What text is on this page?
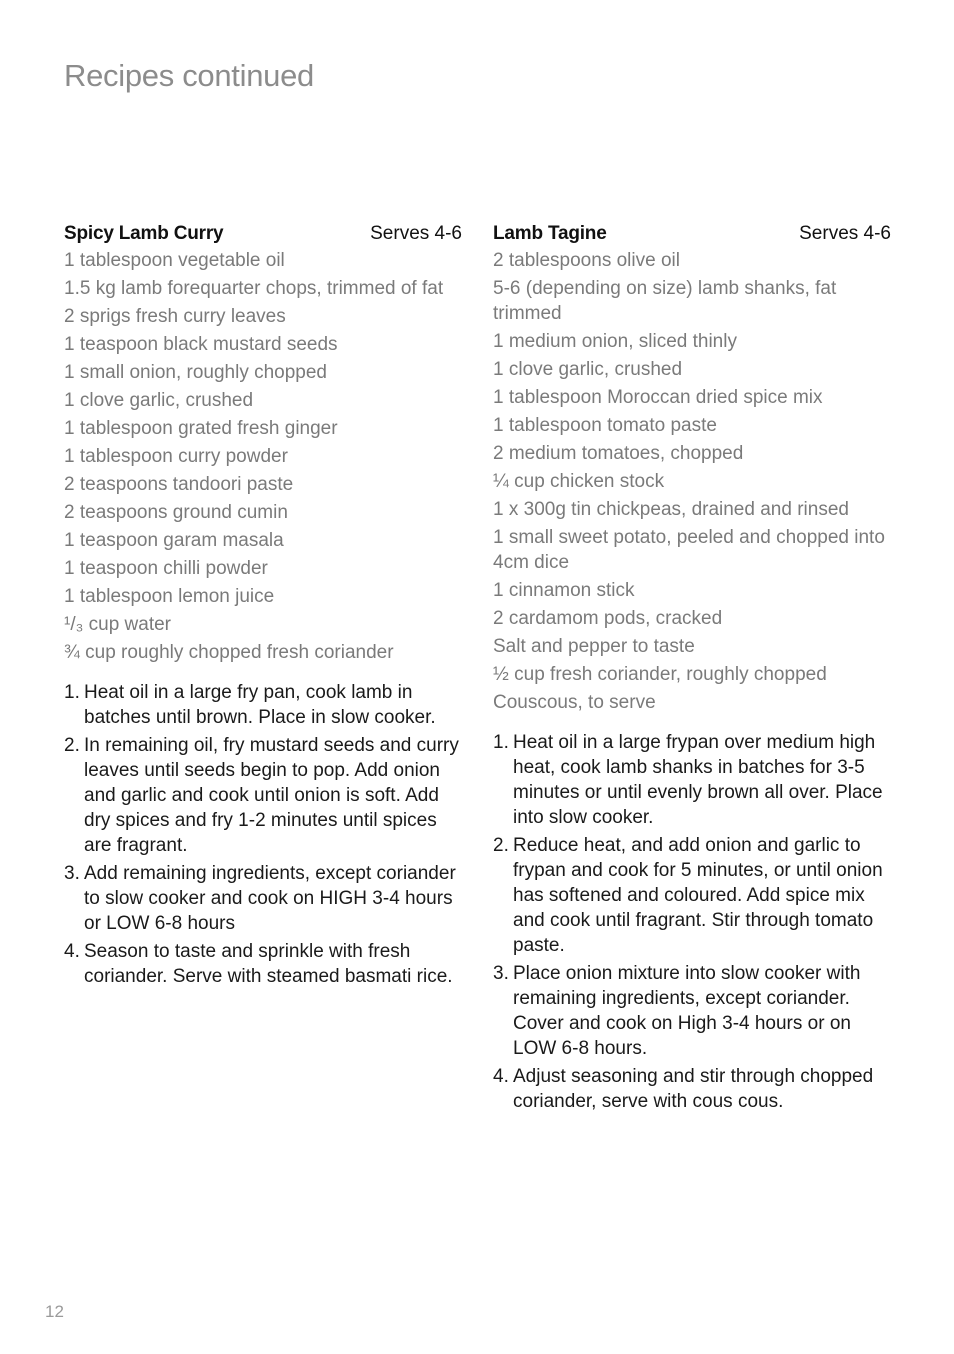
Recipes continued
Spicy Lamb Curry	Serves 4-6
1 tablespoon vegetable oil
1.5 kg lamb forequarter chops, trimmed of fat
2 sprigs fresh curry leaves
1 teaspoon black mustard seeds
1 small onion, roughly chopped
1 clove garlic, crushed
1 tablespoon grated fresh ginger
1 tablespoon curry powder
2 teaspoons tandoori paste
2 teaspoons ground cumin
1 teaspoon garam masala
1 teaspoon chilli powder
1 tablespoon lemon juice
¹/₃ cup water
¾ cup roughly chopped fresh coriander
1. Heat oil in a large fry pan, cook lamb in batches until brown. Place in slow cooker.
2. In remaining oil, fry mustard seeds and curry leaves until seeds begin to pop. Add onion and garlic and cook until onion is soft. Add dry spices and fry 1-2 minutes until spices are fragrant.
3. Add remaining ingredients, except coriander to slow cooker and cook on HIGH 3-4 hours or LOW 6-8 hours
4. Season to taste and sprinkle with fresh coriander. Serve with steamed basmati rice.
Lamb Tagine	Serves 4-6
2 tablespoons olive oil
5-6 (depending on size) lamb shanks, fat trimmed
1 medium onion, sliced thinly
1 clove garlic, crushed
1 tablespoon Moroccan dried spice mix
1 tablespoon tomato paste
2 medium tomatoes, chopped
¼ cup chicken stock
1 x 300g tin chickpeas, drained and rinsed
1 small sweet potato, peeled and chopped into 4cm dice
1 cinnamon stick
2 cardamom pods, cracked
Salt and pepper to taste
½ cup fresh coriander, roughly chopped
Couscous, to serve
1. Heat oil in a large frypan over medium high heat, cook lamb shanks in batches for 3-5 minutes or until evenly brown all over. Place into slow cooker.
2. Reduce heat, and add onion and garlic to frypan and cook for 5 minutes, or until onion has softened and coloured. Add spice mix and cook until fragrant. Stir through tomato paste.
3. Place onion mixture into slow cooker with remaining ingredients, except coriander. Cover and cook on High 3-4 hours or on LOW 6-8 hours.
4. Adjust seasoning and stir through chopped coriander, serve with cous cous.
12
